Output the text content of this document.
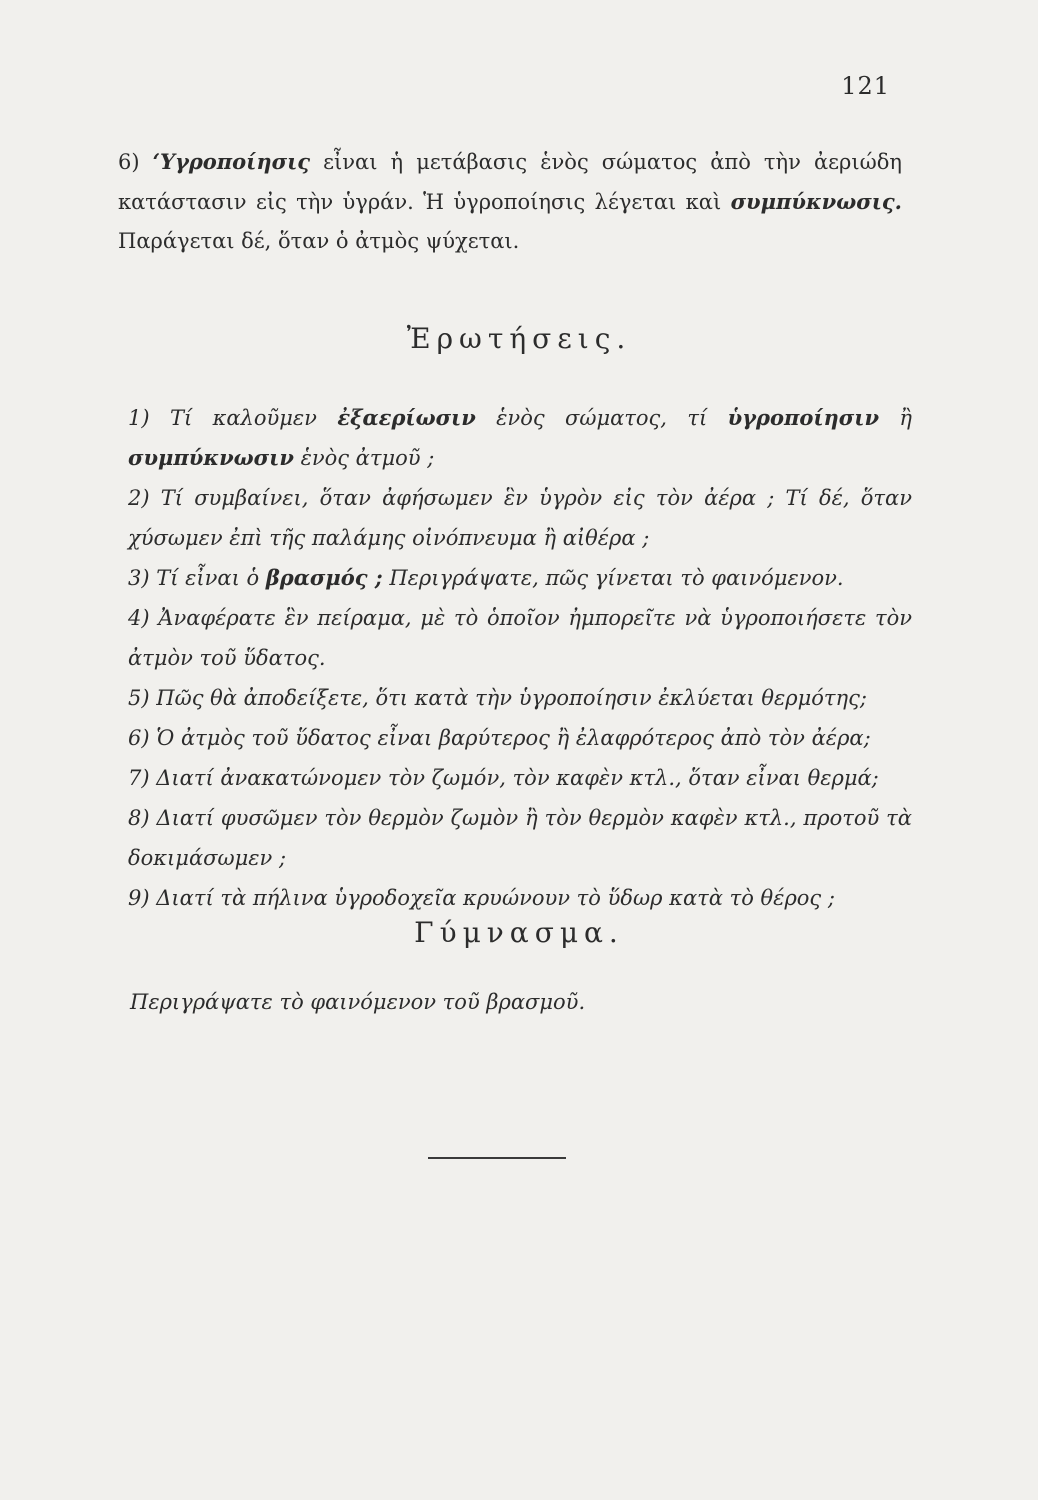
121

6) ‘Υγροποίησις εἶναι ἡ μετάβασις ἑνὸς σώματος ἀπὸ τὴν ἀεριώδη κατάστασιν εἰς τὴν ὑγράν. Ἡ ὑγροποίησις λέγεται καὶ συμπύκνωσις. Παράγεται δέ, ὅταν ὁ ἀτμὸς ψύχεται.

Ἐρωτήσεις.

1) Τί καλοῦμεν ἐξαερίωσιν ἑνὸς σώματος, τί ὑγροποίησιν ἢ συμπύκνωσιν ἑνὸς ἀτμοῦ ;

2) Τί συμβαίνει, ὅταν ἀφήσωμεν ἓν ὑγρὸν εἰς τὸν ἀέρα ; Τί δέ, ὅταν χύσωμεν ἐπὶ τῆς παλάμης οἰνόπνευμα ἢ αἰθέρα ;

3) Τί εἶναι ὁ βρασμός ; Περιγράψατε, πῶς γίνεται τὸ φαινόμενον.

4) Ἀναφέρατε ἓν πείραμα, μὲ τὸ ὁποῖον ἠμπορεῖτε νὰ ὑγροποιήσετε τὸν ἀτμὸν τοῦ ὕδατος.

5) Πῶς θὰ ἀποδείξετε, ὅτι κατὰ τὴν ὑγροποίησιν ἐκλύεται θερμότης;

6) Ὁ ἀτμὸς τοῦ ὕδατος εἶναι βαρύτερος ἢ ἐλαφρότερος ἀπὸ τὸν ἀέρα;

7) Διατί ἀνακατώνομεν τὸν ζωμόν, τὸν καφὲν κτλ., ὅταν εἶναι θερμά;

8) Διατί φυσῶμεν τὸν θερμὸν ζωμὸν ἢ τὸν θερμὸν καφὲν κτλ., προτοῦ τὰ δοκιμάσωμεν ;

9) Διατί τὰ πήλινα ὑγροδοχεῖα κρυώνουν τὸ ὕδωρ κατὰ τὸ θέρος ;

Γύμνασμα.
Περιγράψατε τὸ φαινόμενον τοῦ βρασμοῦ.
